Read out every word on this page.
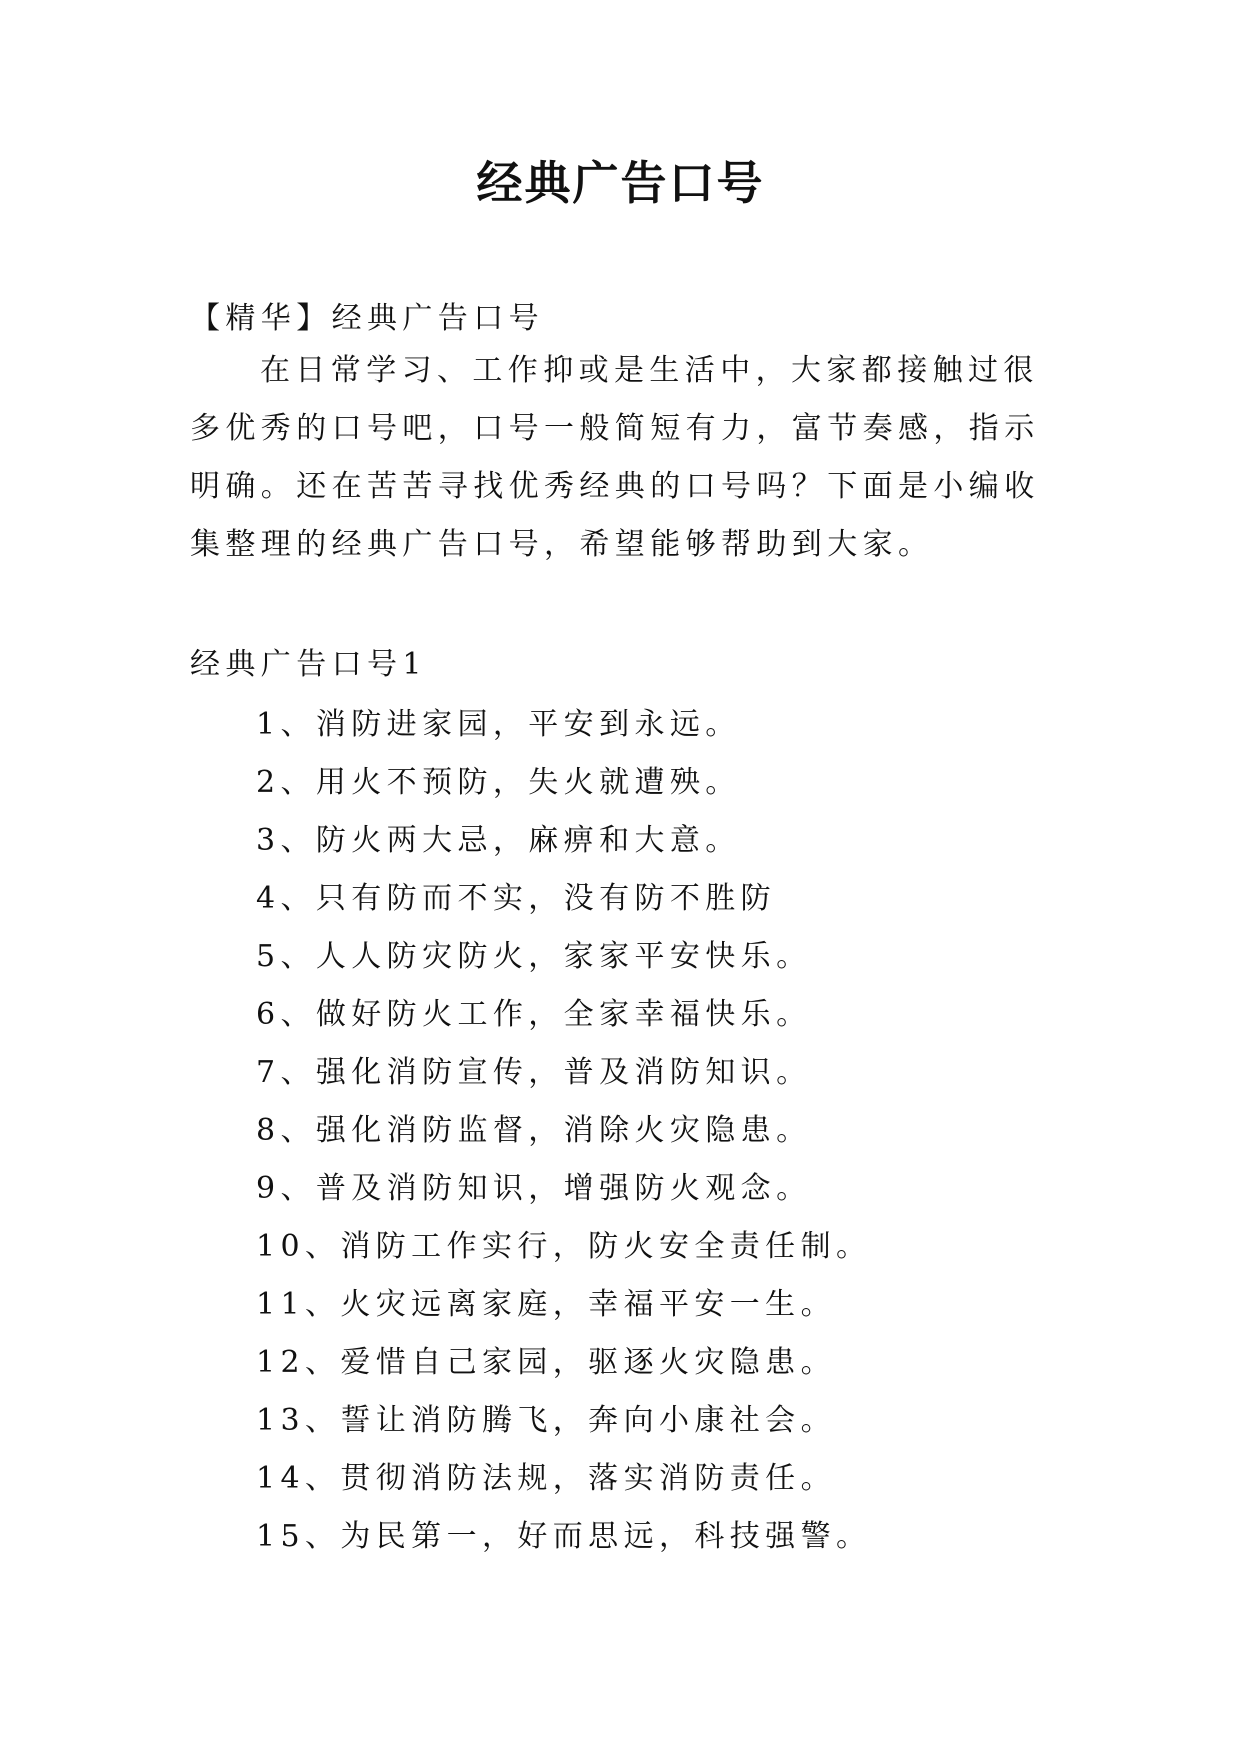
经典广告口号
【精华】经典广告口号
在日常学习、工作抑或是生活中，大家都接触过很多优秀的口号吧，口号一般简短有力，富节奏感，指示明确。还在苦苦寻找优秀经典的口号吗？下面是小编收集整理的经典广告口号，希望能够帮助到大家。
经典广告口号1
1、消防进家园，平安到永远。
2、用火不预防，失火就遭殃。
3、防火两大忌，麻痹和大意。
4、只有防而不实，没有防不胜防
5、人人防灾防火，家家平安快乐。
6、做好防火工作，全家幸福快乐。
7、强化消防宣传，普及消防知识。
8、强化消防监督，消除火灾隐患。
9、普及消防知识，增强防火观念。
10、消防工作实行，防火安全责任制。
11、火灾远离家庭，幸福平安一生。
12、爱惜自己家园，驱逐火灾隐患。
13、誓让消防腾飞，奔向小康社会。
14、贯彻消防法规，落实消防责任。
15、为民第一，好而思远，科技强警。
